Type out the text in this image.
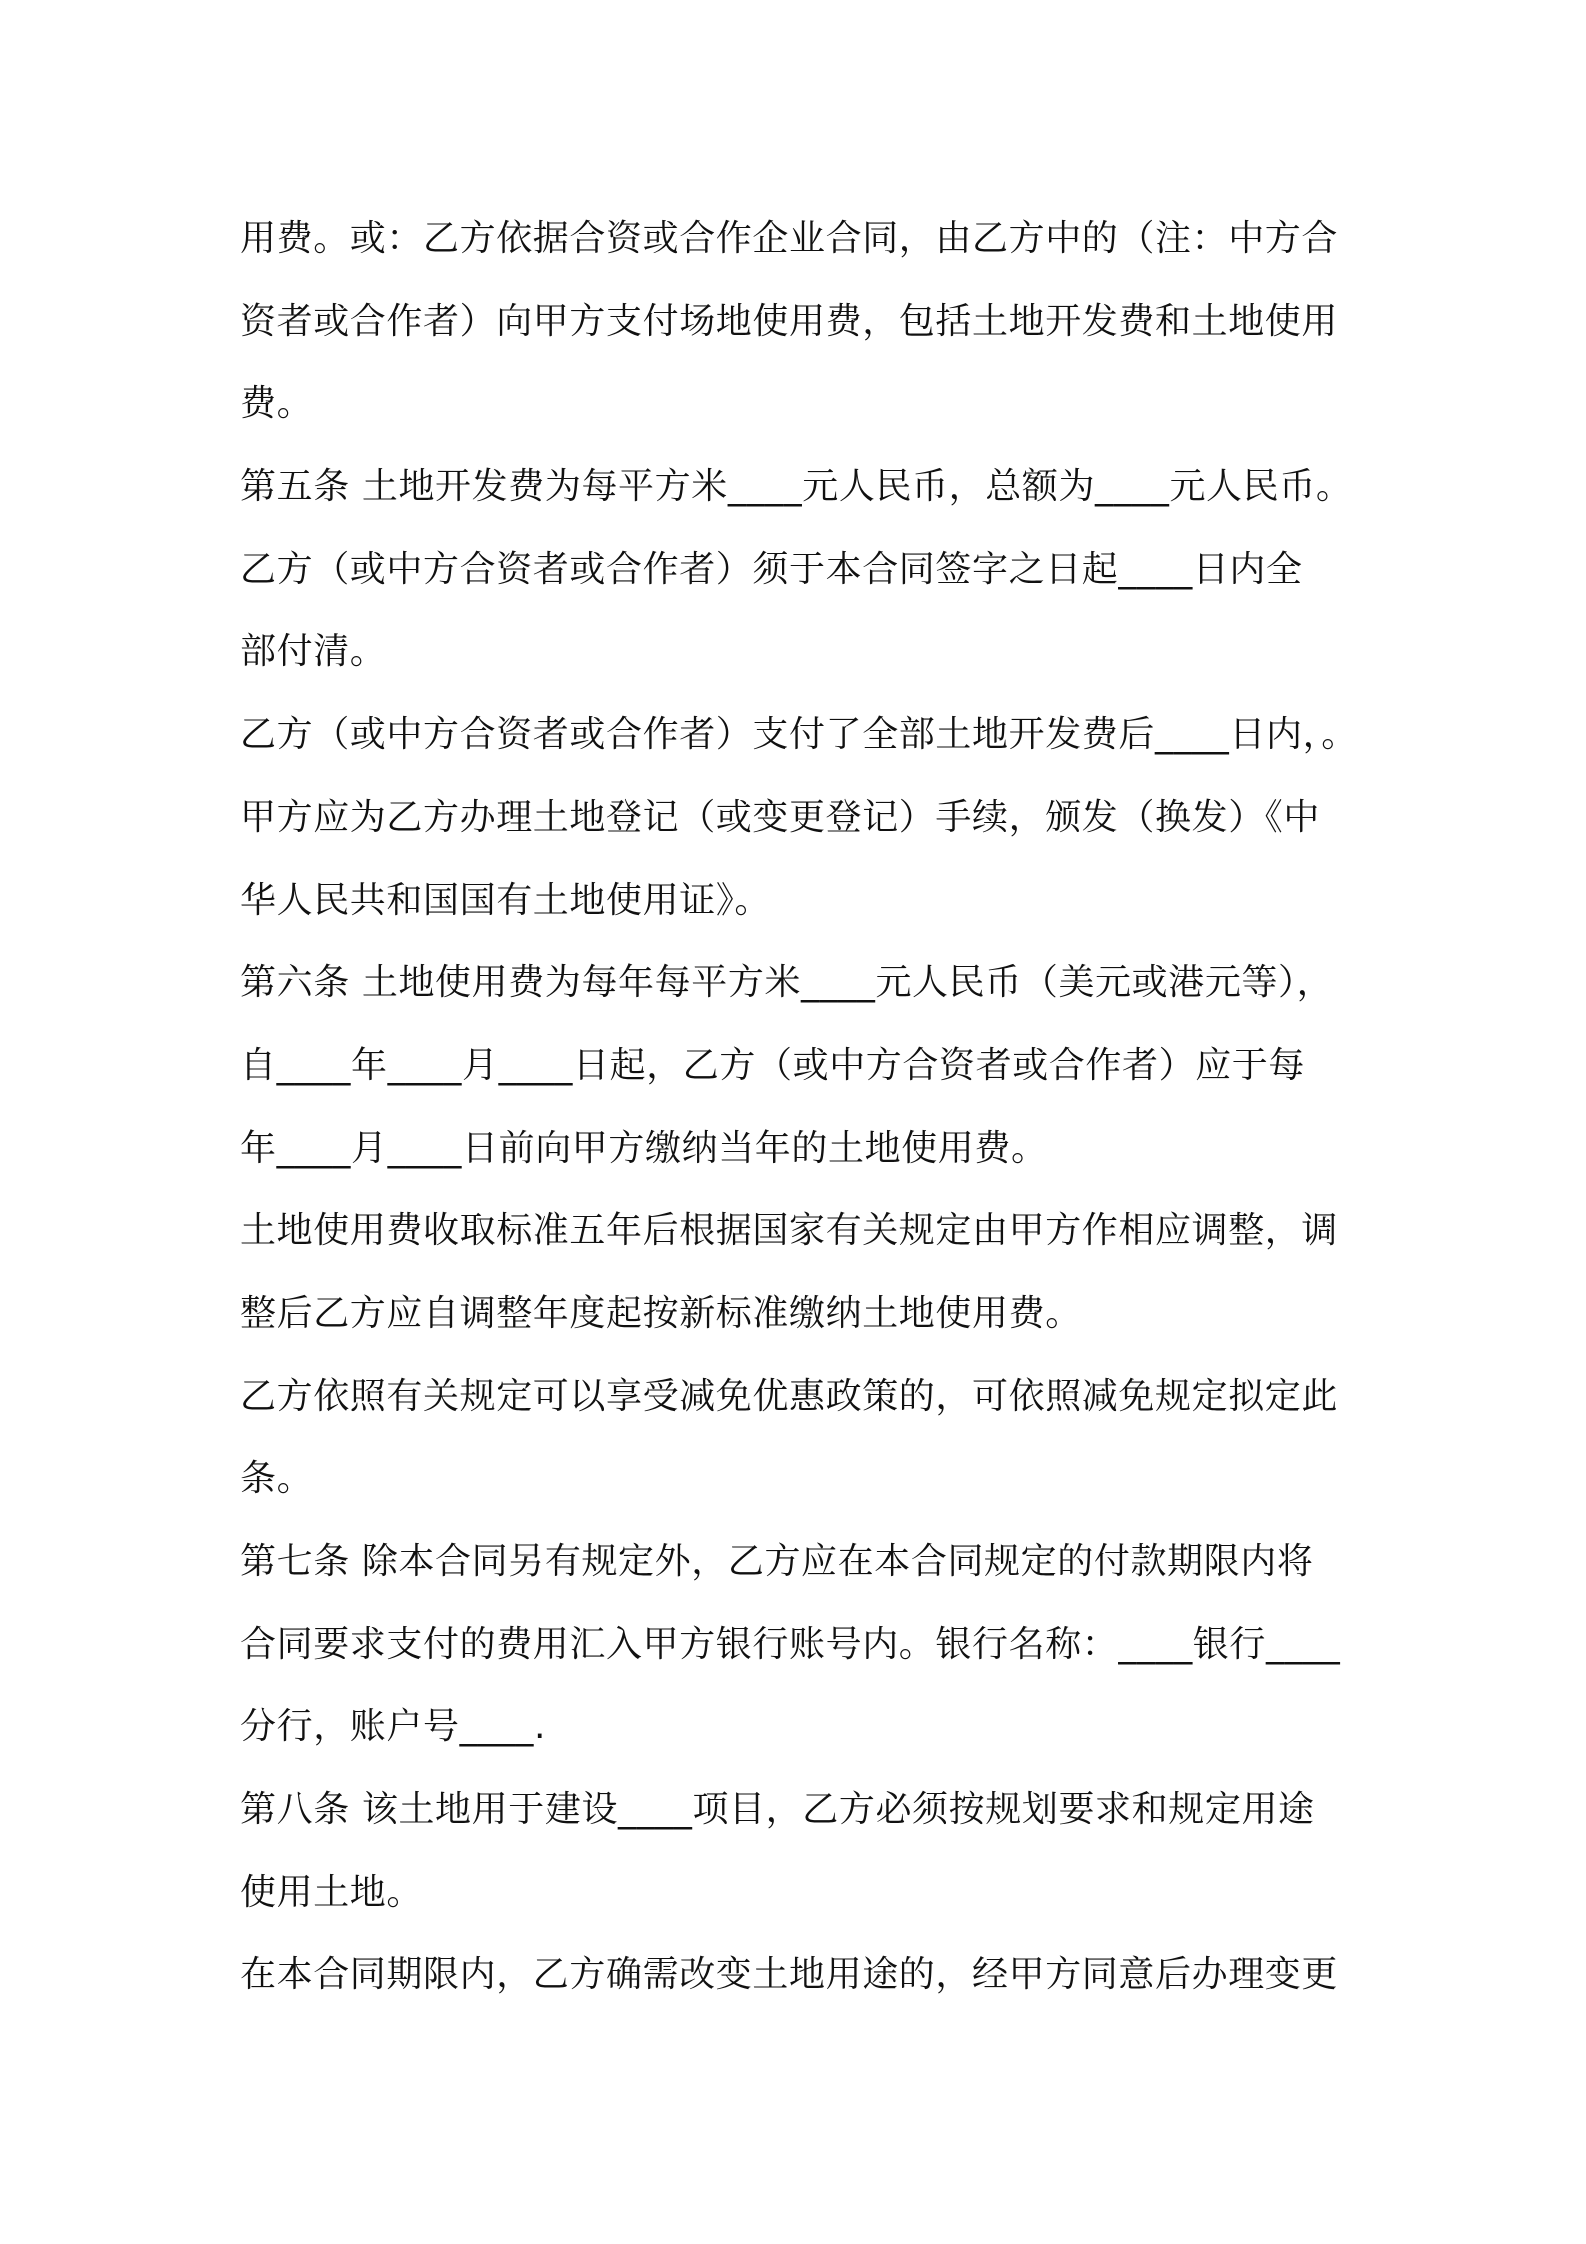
用费。或：乙方依据合资或合作企业合同，由乙方中的（注：中方合
资者或合作者）向甲方支付场地使用费，包括土地开发费和土地使用
费。
第五条 土地开发费为每平方米____元人民币，总额为____元人民币。
乙方（或中方合资者或合作者）须于本合同签字之日起____日内全
部付清。
乙方（或中方合资者或合作者）支付了全部土地开发费后____日内，。
甲方应为乙方办理土地登记（或变更登记）手续，颁发（换发）《中
华人民共和国国有土地使用证》。
第六条 土地使用费为每年每平方米____元人民币（美元或港元等），
自____年____月____日起，乙方（或中方合资者或合作者）应于每
年____月____日前向甲方缴纳当年的土地使用费。
土地使用费收取标准五年后根据国家有关规定由甲方作相应调整，调
整后乙方应自调整年度起按新标准缴纳土地使用费。
乙方依照有关规定可以享受减免优惠政策的，可依照减免规定拟定此
条。
第七条 除本合同另有规定外，乙方应在本合同规定的付款期限内将
合同要求支付的费用汇入甲方银行账号内。银行名称：____银行____
分行，账户号____.
第八条 该土地用于建设____项目，乙方必须按规划要求和规定用途
使用土地。
在本合同期限内，乙方确需改变土地用途的，经甲方同意后办理变更
